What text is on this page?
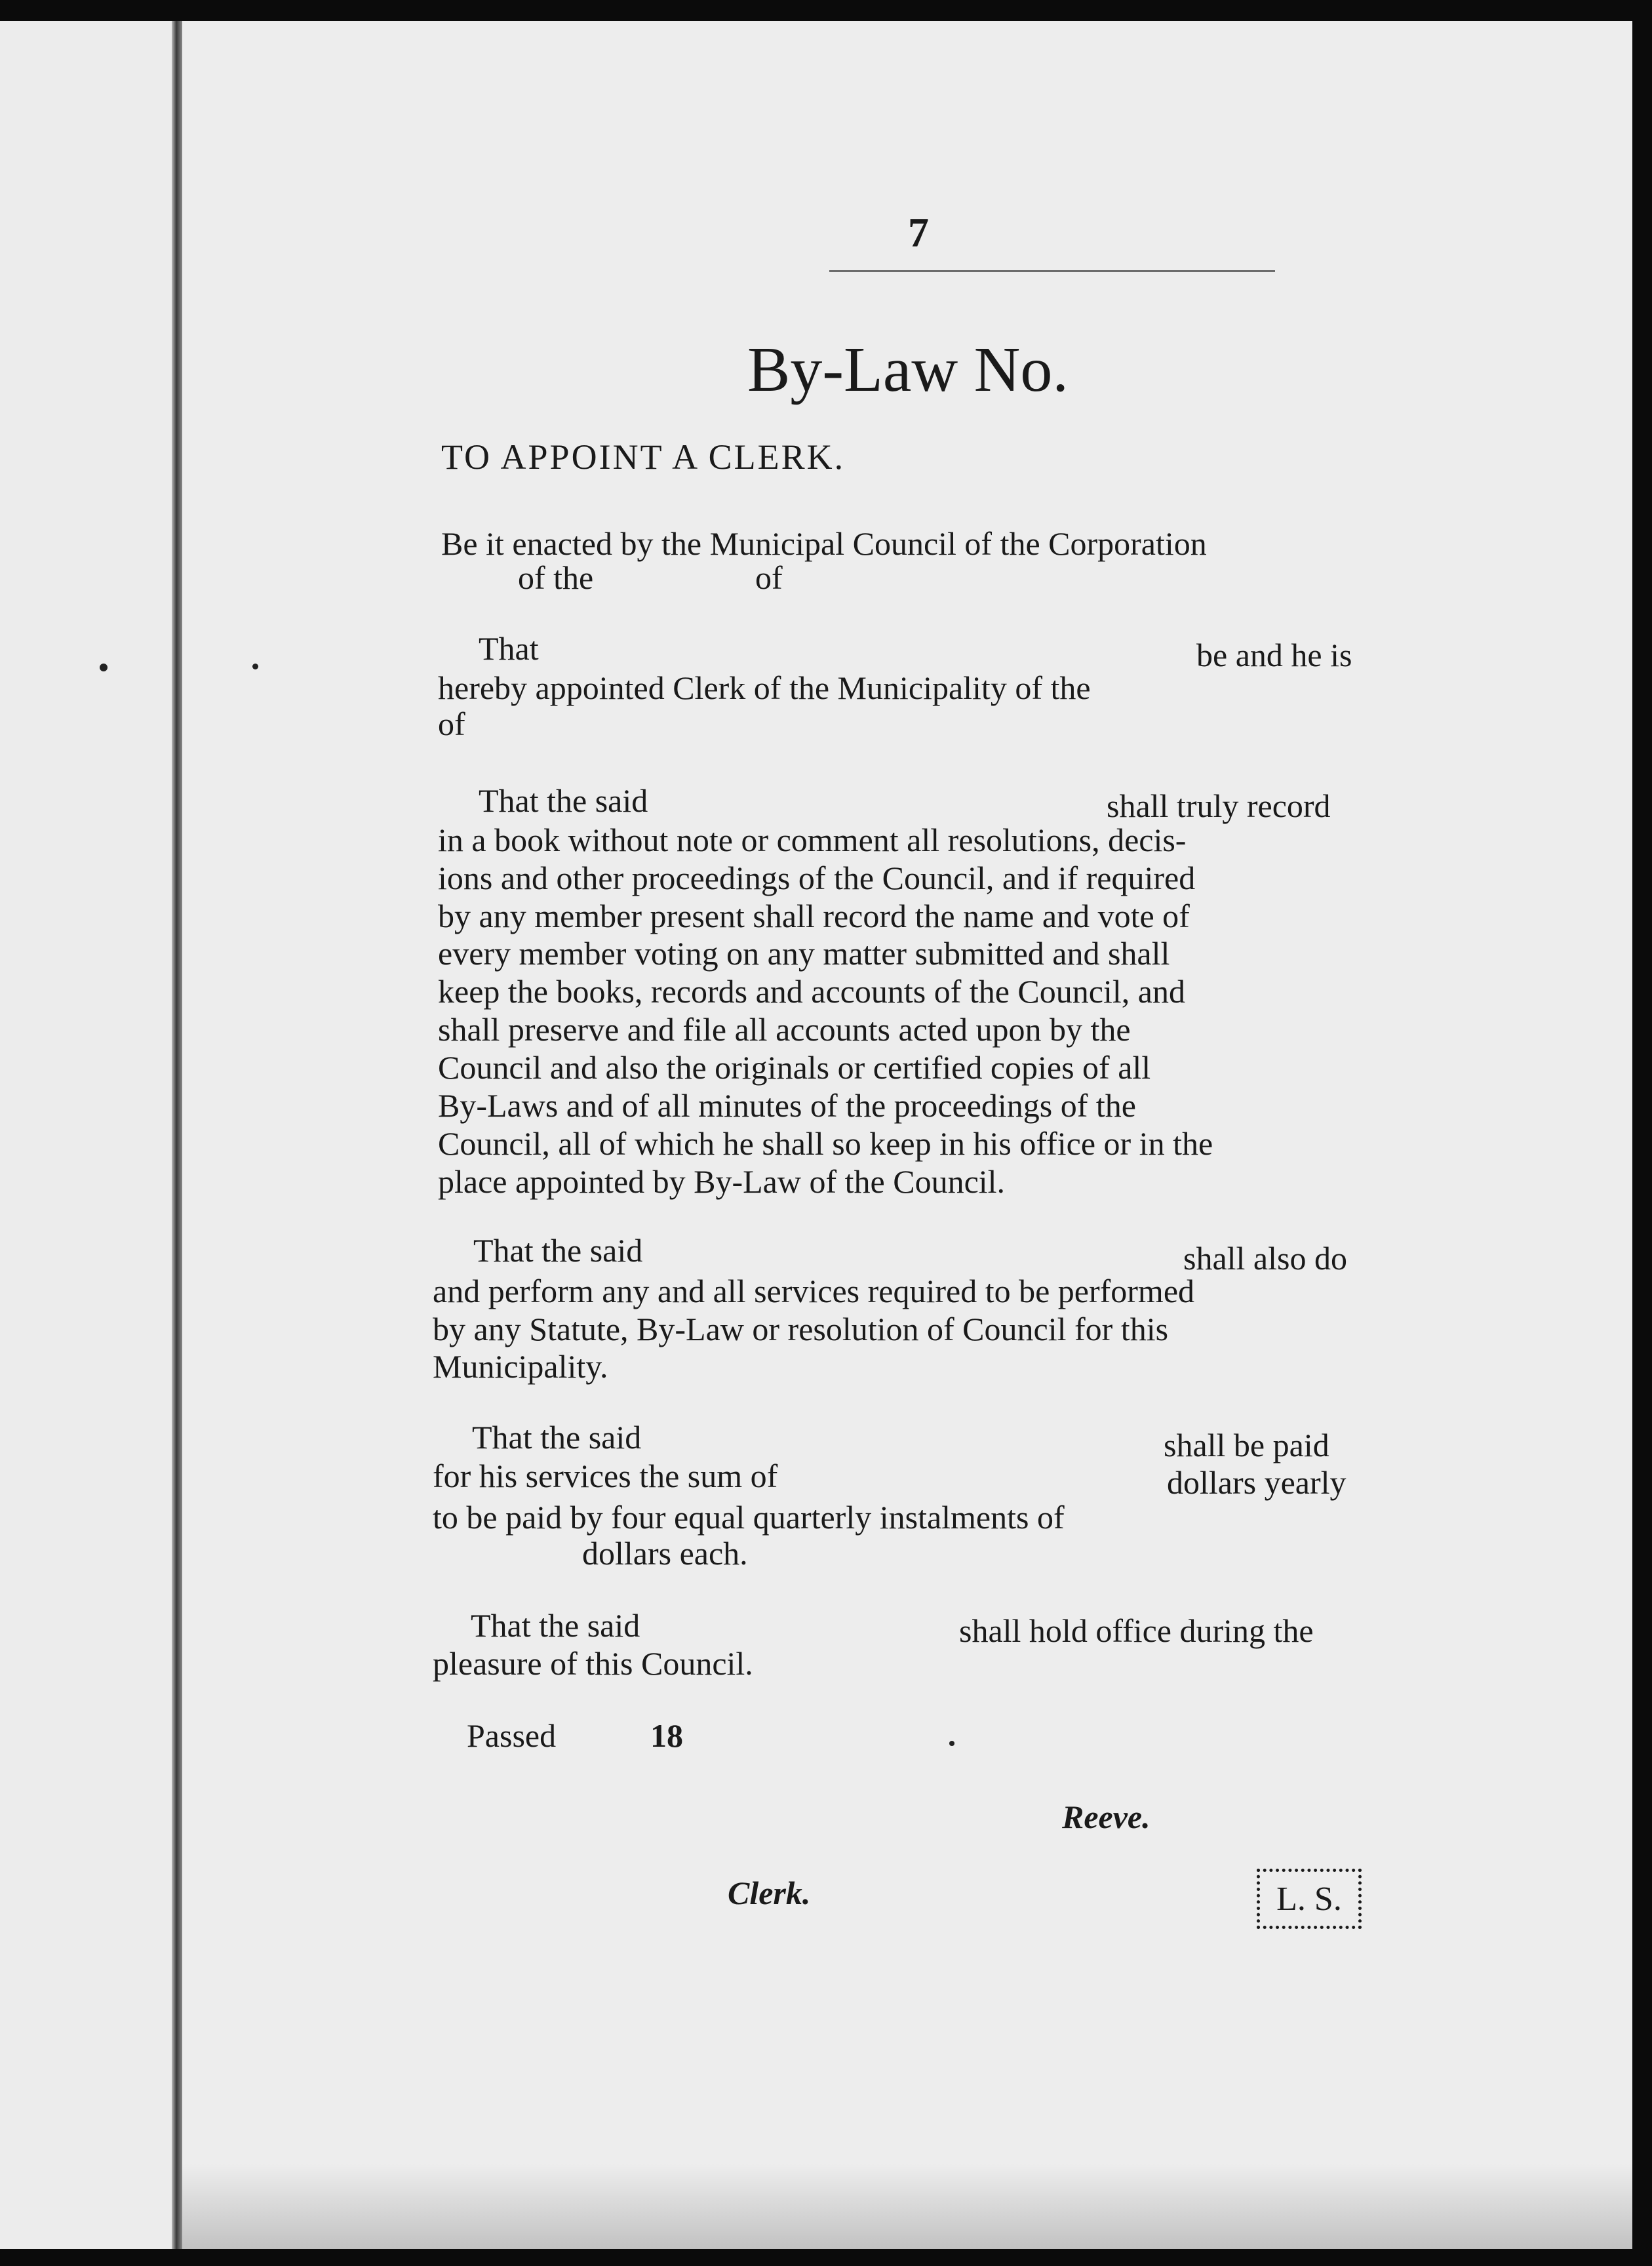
7
By-Law No.
TO APPOINT A CLERK.
Be it enacted by the Municipal Council of the Corporation
of the	of
That	be and he is
hereby appointed Clerk of the Municipality of the
of
That the said	shall truly record
in a book without note or comment all resolutions, decis-
ions and other proceedings of the Council, and if required
by any member present shall record the name and vote of
every member voting on any matter submitted and shall
keep the books, records and accounts of the Council, and
shall preserve and file all accounts acted upon by the
Council and also the originals or certified copies of all
By-Laws and of all minutes of the proceedings of the
Council, all of which he shall so keep in his office or in the
place appointed by By-Law of the Council.
That the said	shall also do
and perform any and all services required to be performed
by any Statute, By-Law or resolution of Council for this
Municipality.
That the said	shall be paid
for his services the sum of	dollars yearly
to be paid by four equal quarterly instalments of
dollars each.
That the said	shall hold office during the
pleasure of this Council.
Passed	18
Reeve.
Clerk.	L. S.
